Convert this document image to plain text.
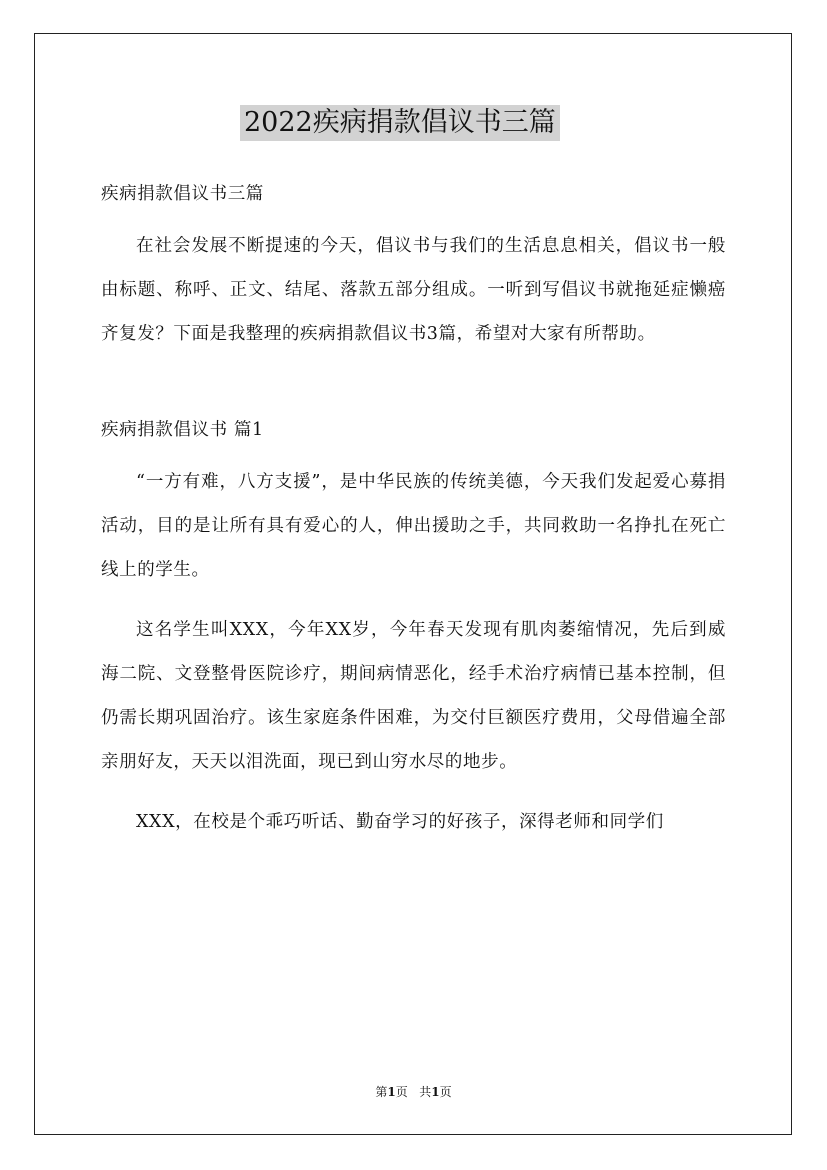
2022疾病捐款倡议书三篇

疾病捐款倡议书三篇

在社会发展不断提速的今天，倡议书与我们的生活息息相关，倡议书一般由标题、称呼、正文、结尾、落款五部分组成。一听到写倡议书就拖延症懒癌齐复发？下面是我整理的疾病捐款倡议书3篇，希望对大家有所帮助。

疾病捐款倡议书 篇1

“一方有难，八方支援”，是中华民族的传统美德，今天我们发起爱心募捐活动，目的是让所有具有爱心的人，伸出援助之手，共同救助一名挣扎在死亡线上的学生。

这名学生叫XXX，今年XX岁，今年春天发现有肌肉萎缩情况，先后到威海二院、文登整骨医院诊疗，期间病情恶化，经手术治疗病情已基本控制，但仍需长期巩固治疗。该生家庭条件困难，为交付巨额医疗费用，父母借遍全部亲朋好友，天天以泪洗面，现已到山穷水尽的地步。

XXX，在校是个乖巧听话、勤奋学习的好孩子，深得老师和同学们

第1页 共1页
